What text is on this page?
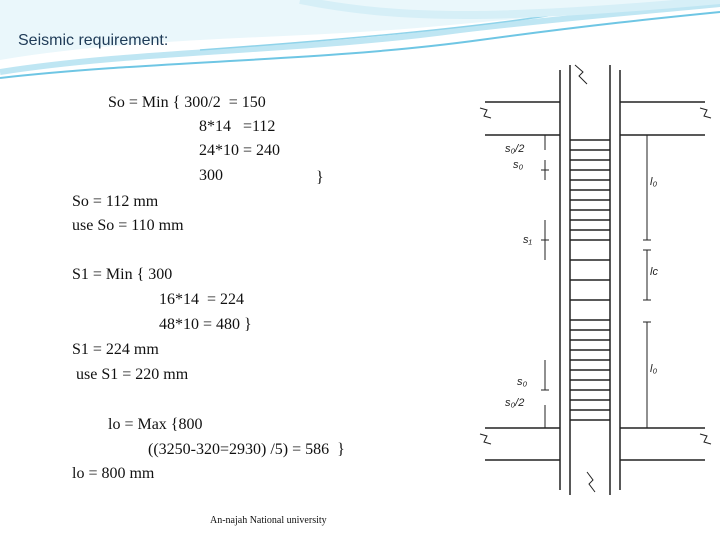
Seismic requirement:
So = Min { 300/2  = 150
8*14   =112
24*10 = 240
300	}
So = 112 mm
use So = 110 mm
S1 = Min { 300
16*14  = 224
48*10 = 480 }
S1 = 224 mm
use S1 = 220 mm
lo = Max {800
((3250-320=2930) /5) = 586  }
lo = 800 mm
An-najah National university
s₀/2
s₀
l₀
s₁
lᴄ
l₀
s₀
s₀/2
